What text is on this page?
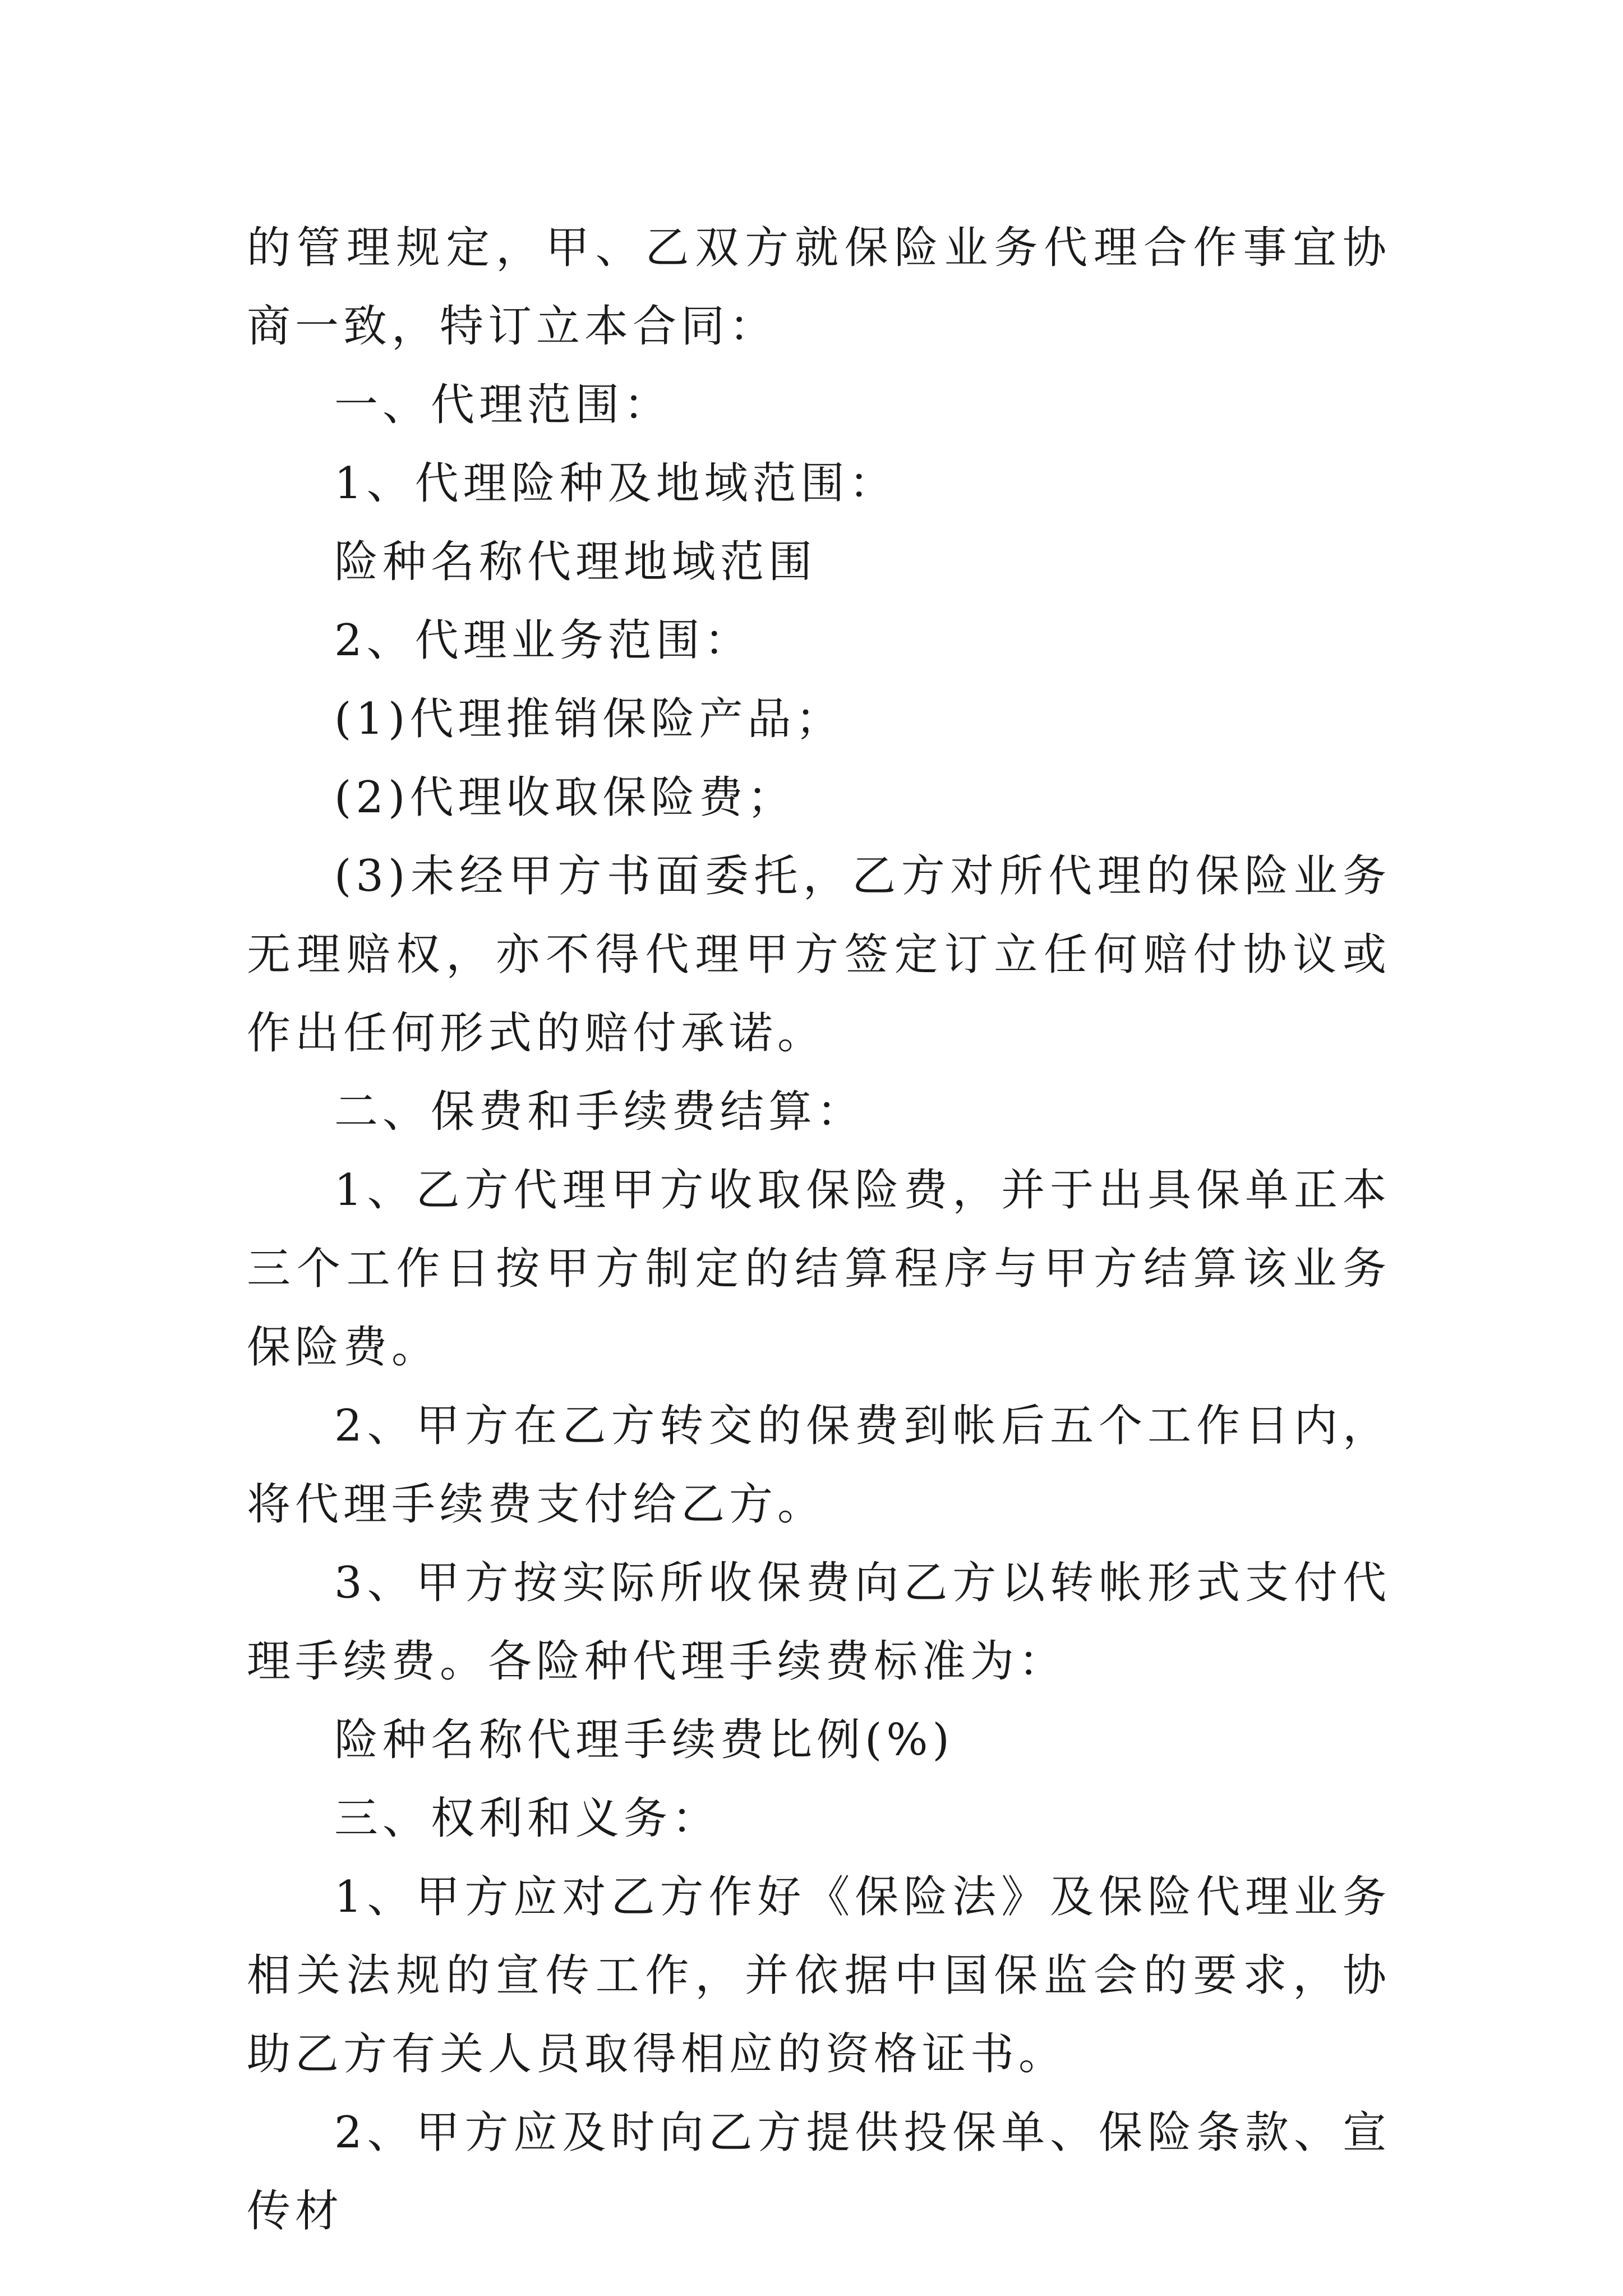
的管理规定，甲、乙双方就保险业务代理合作事宜协商一致，特订立本合同：

一、代理范围：

1、代理险种及地域范围：

险种名称代理地域范围

2、代理业务范围：

(1)代理推销保险产品；

(2)代理收取保险费；

(3)未经甲方书面委托，乙方对所代理的保险业务无理赔权，亦不得代理甲方签定订立任何赔付协议或作出任何形式的赔付承诺。

二、保费和手续费结算：

1、乙方代理甲方收取保险费，并于出具保单正本三个工作日按甲方制定的结算程序与甲方结算该业务保险费。

2、甲方在乙方转交的保费到帐后五个工作日内，将代理手续费支付给乙方。

3、甲方按实际所收保费向乙方以转帐形式支付代理手续费。各险种代理手续费标准为：

险种名称代理手续费比例(%)

三、权利和义务：

1、甲方应对乙方作好《保险法》及保险代理业务相关法规的宣传工作，并依据中国保监会的要求，协助乙方有关人员取得相应的资格证书。

2、甲方应及时向乙方提供投保单、保险条款、宣传材
